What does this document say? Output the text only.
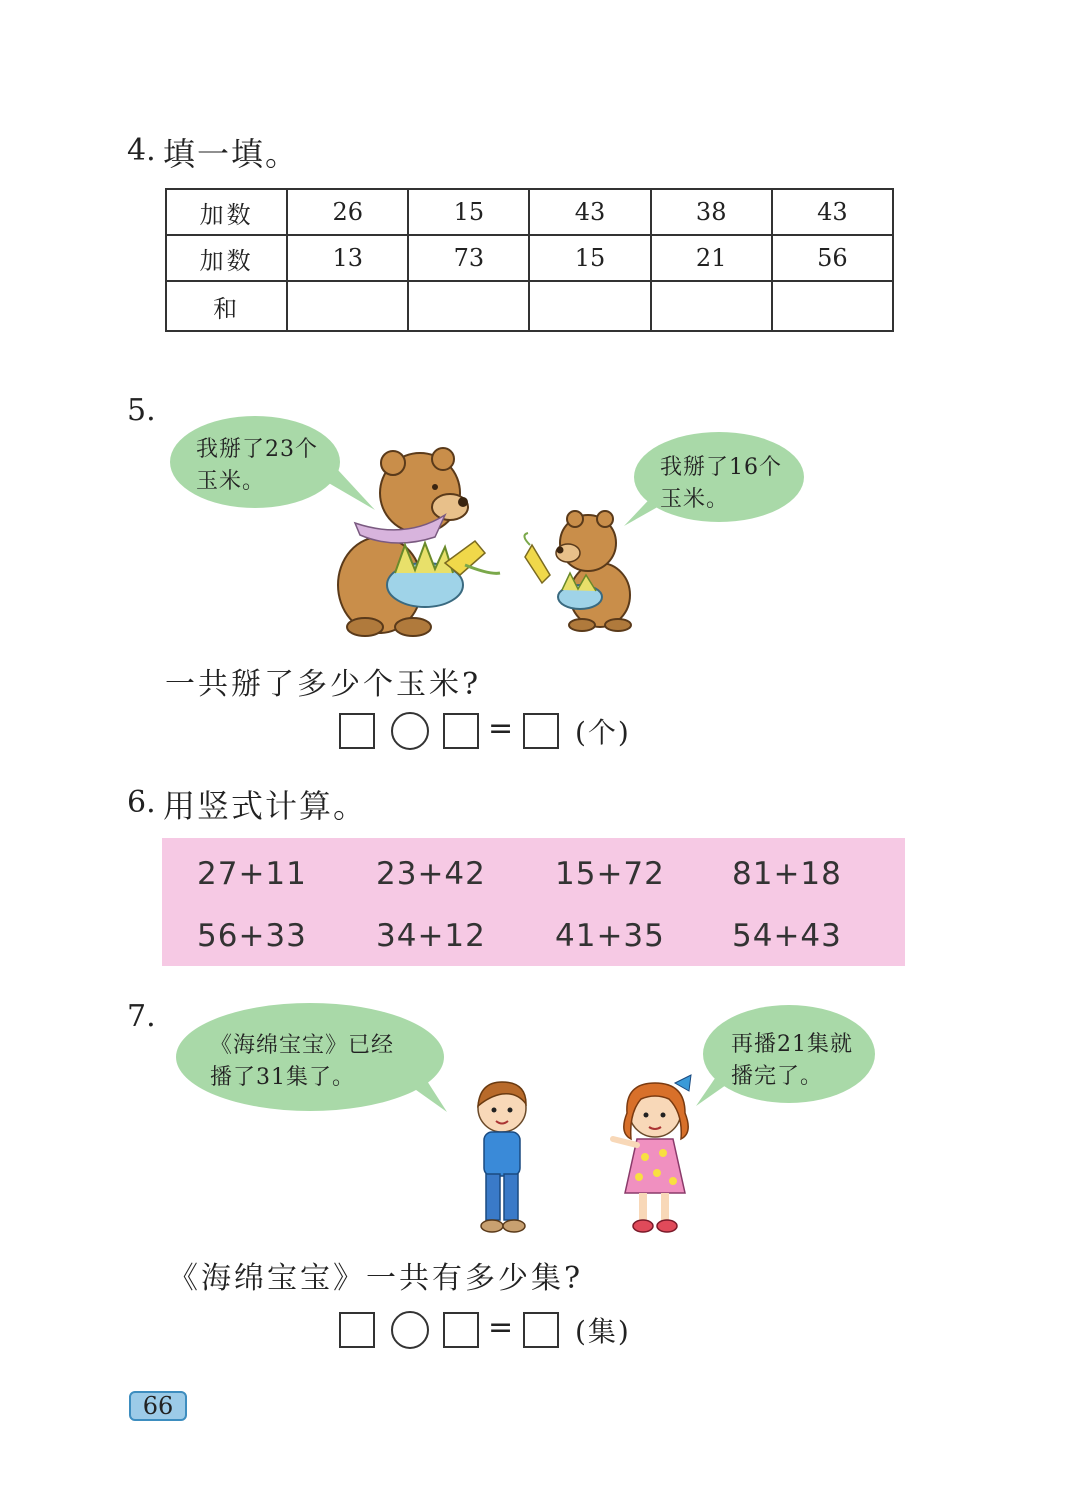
4. 填一填。
加数	26	15	43	38	43
加数	13	73	15	21	56
和					
5.
我掰了23个
玉米。
我掰了16个
玉米。
一共掰了多少个玉米?
= (个)
6. 用竖式计算。
27+11 23+42 15+72 81+18
56+33 34+12 41+35 54+43
7.
《海绵宝宝》已经
播了31集了。
再播21集就
播完了。
《海绵宝宝》一共有多少集?
= (集)
66
